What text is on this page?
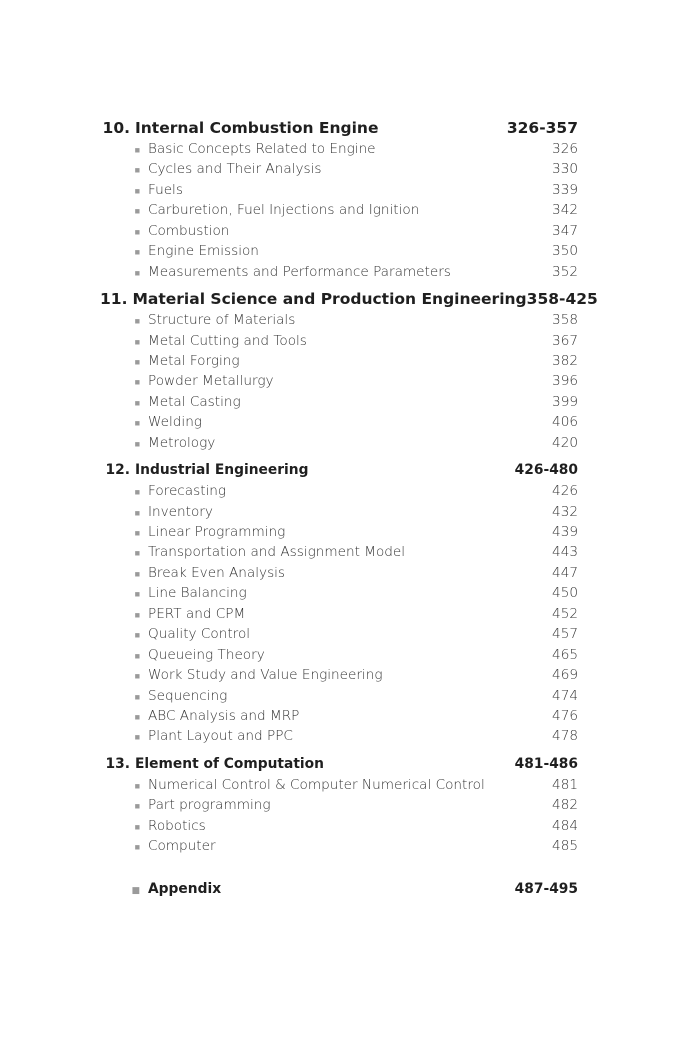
10. Internal Combustion Engine	326-357
■ Basic Concepts Related to Engine	326
■ Cycles and Their Analysis	330
■ Fuels	339
■ Carburetion, Fuel Injections and Ignition	342
■ Combustion	347
■ Engine Emission	350
■ Measurements and Performance Parameters	352
11. Material Science and Production Engineering 358-425
■ Structure of Materials	358
■ Metal Cutting and Tools	367
■ Metal Forging	382
■ Powder Metallurgy	396
■ Metal Casting	399
■ Welding	406
■ Metrology	420
12. Industrial Engineering	426-480
■ Forecasting	426
■ Inventory	432
■ Linear Programming	439
■ Transportation and Assignment Model	443
■ Break Even Analysis	447
■ Line Balancing	450
■ PERT and CPM	452
■ Quality Control	457
■ Queueing Theory	465
■ Work Study and Value Engineering	469
■ Sequencing	474
■ ABC Analysis and MRP	476
■ Plant Layout and PPC	478
13. Element of Computation	481-486
■ Numerical Control & Computer Numerical Control	481
■ Part programming	482
■ Robotics	484
■ Computer	485
■ Appendix	487-495
